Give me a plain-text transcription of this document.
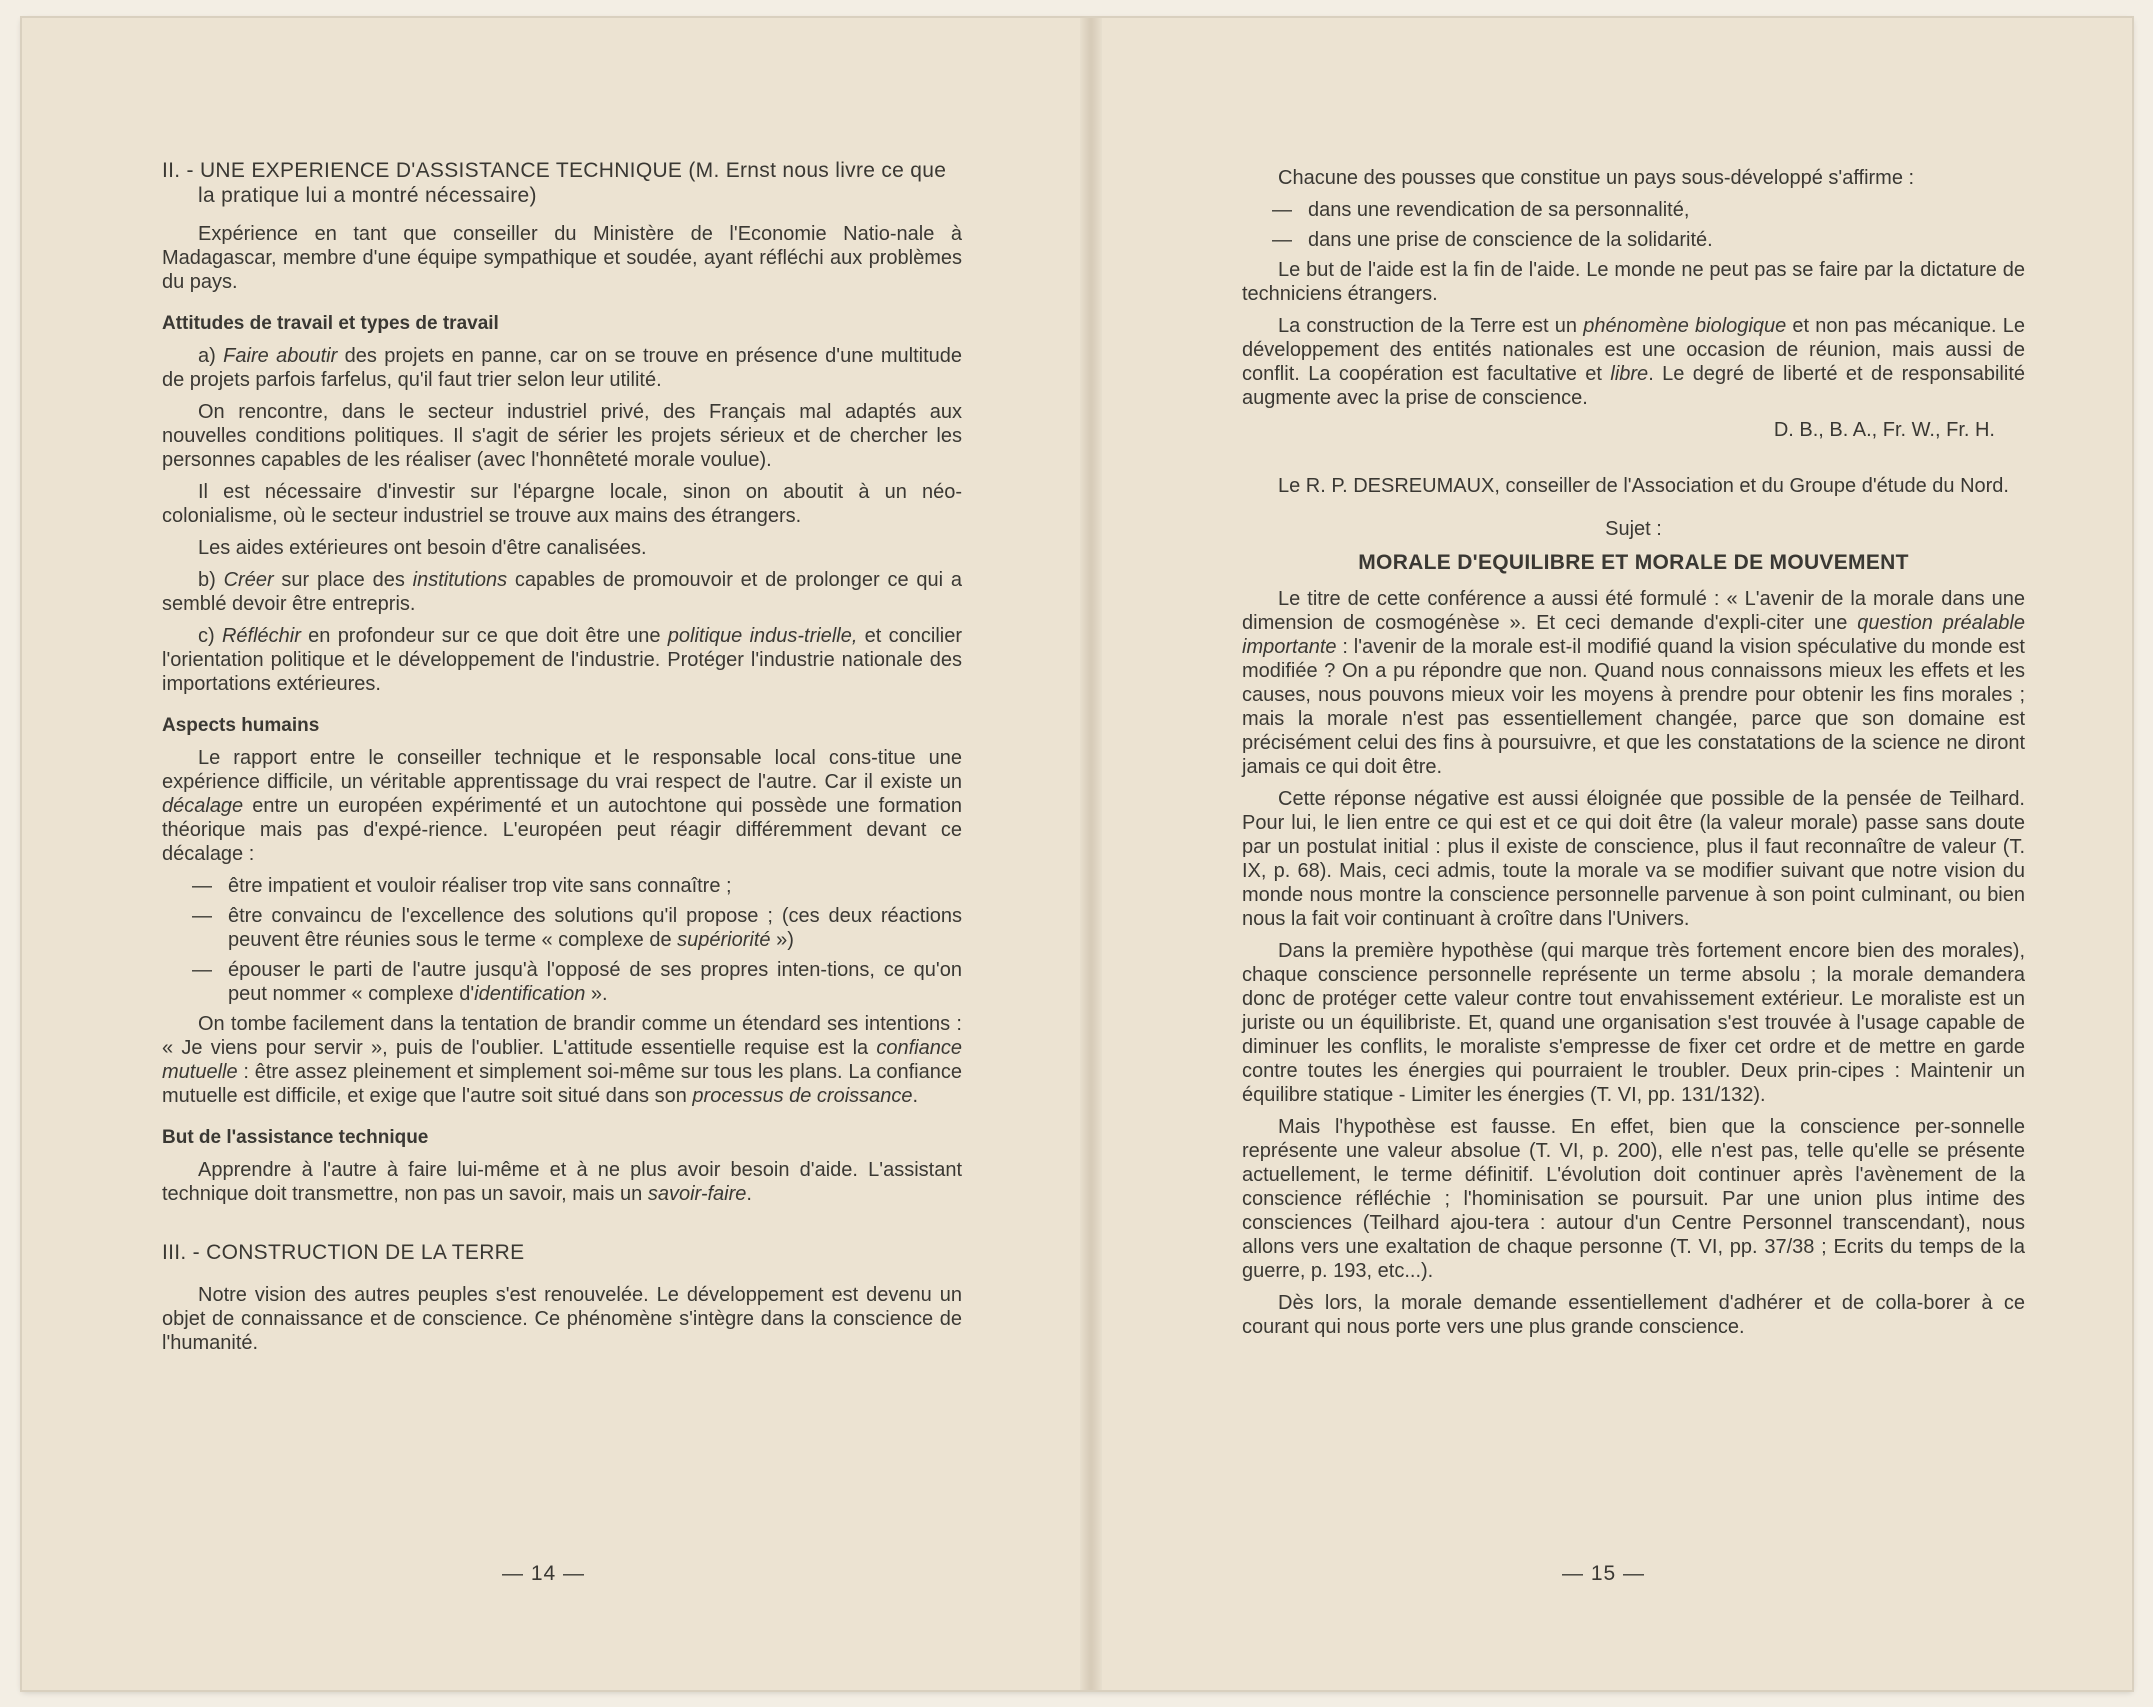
II. - UNE EXPERIENCE D'ASSISTANCE TECHNIQUE (M. Ernst nous livre ce que la pratique lui a montré nécessaire)

Expérience en tant que conseiller du Ministère de l'Economie Natio-nale à Madagascar, membre d'une équipe sympathique et soudée, ayant réfléchi aux problèmes du pays.

Attitudes de travail et types de travail

a) Faire aboutir des projets en panne, car on se trouve en présence d'une multitude de projets parfois farfelus, qu'il faut trier selon leur utilité.

On rencontre, dans le secteur industriel privé, des Français mal adaptés aux nouvelles conditions politiques. Il s'agit de sérier les projets sérieux et de chercher les personnes capables de les réaliser (avec l'honnêteté morale voulue).

Il est nécessaire d'investir sur l'épargne locale, sinon on aboutit à un néo-colonialisme, où le secteur industriel se trouve aux mains des étrangers.

Les aides extérieures ont besoin d'être canalisées.

b) Créer sur place des institutions capables de promouvoir et de prolonger ce qui a semblé devoir être entrepris.

c) Réfléchir en profondeur sur ce que doit être une politique indus-trielle, et concilier l'orientation politique et le développement de l'industrie. Protéger l'industrie nationale des importations extérieures.

Aspects humains

Le rapport entre le conseiller technique et le responsable local cons-titue une expérience difficile, un véritable apprentissage du vrai respect de l'autre. Car il existe un décalage entre un européen expérimenté et un autochtone qui possède une formation théorique mais pas d'expé-rience. L'européen peut réagir différemment devant ce décalage :

— être impatient et vouloir réaliser trop vite sans connaître ;
— être convaincu de l'excellence des solutions qu'il propose ; (ces deux réactions peuvent être réunies sous le terme « complexe de supériorité »)
— épouser le parti de l'autre jusqu'à l'opposé de ses propres inten-tions, ce qu'on peut nommer « complexe d'identification ».

On tombe facilement dans la tentation de brandir comme un étendard ses intentions : « Je viens pour servir », puis de l'oublier. L'attitude essentielle requise est la confiance mutuelle : être assez pleinement et simplement soi-même sur tous les plans. La confiance mutuelle est difficile, et exige que l'autre soit situé dans son processus de croissance.

But de l'assistance technique

Apprendre à l'autre à faire lui-même et à ne plus avoir besoin d'aide. L'assistant technique doit transmettre, non pas un savoir, mais un savoir-faire.

III. - CONSTRUCTION DE LA TERRE

Notre vision des autres peuples s'est renouvelée. Le développement est devenu un objet de connaissance et de conscience. Ce phénomène s'intègre dans la conscience de l'humanité.

— 14 —

Chacune des pousses que constitue un pays sous-développé s'affirme :

— dans une revendication de sa personnalité,
— dans une prise de conscience de la solidarité.

Le but de l'aide est la fin de l'aide. Le monde ne peut pas se faire par la dictature de techniciens étrangers.

La construction de la Terre est un phénomène biologique et non pas mécanique. Le développement des entités nationales est une occasion de réunion, mais aussi de conflit. La coopération est facultative et libre. Le degré de liberté et de responsabilité augmente avec la prise de conscience.

D. B., B. A., Fr. W., Fr. H.
Le R. P. DESREUMAUX, conseiller de l'Association et du Groupe d'étude du Nord.
Sujet :
MORALE D'EQUILIBRE ET MORALE DE MOUVEMENT

Le titre de cette conférence a aussi été formulé : « L'avenir de la morale dans une dimension de cosmogénèse ». Et ceci demande d'expli-citer une question préalable importante : l'avenir de la morale est-il modifié quand la vision spéculative du monde est modifiée ? On a pu répondre que non. Quand nous connaissons mieux les effets et les causes, nous pouvons mieux voir les moyens à prendre pour obtenir les fins morales ; mais la morale n'est pas essentiellement changée, parce que son domaine est précisément celui des fins à poursuivre, et que les constatations de la science ne diront jamais ce qui doit être.

Cette réponse négative est aussi éloignée que possible de la pensée de Teilhard. Pour lui, le lien entre ce qui est et ce qui doit être (la valeur morale) passe sans doute par un postulat initial : plus il existe de conscience, plus il faut reconnaître de valeur (T. IX, p. 68). Mais, ceci admis, toute la morale va se modifier suivant que notre vision du monde nous montre la conscience personnelle parvenue à son point culminant, ou bien nous la fait voir continuant à croître dans l'Univers.

Dans la première hypothèse (qui marque très fortement encore bien des morales), chaque conscience personnelle représente un terme absolu ; la morale demandera donc de protéger cette valeur contre tout envahissement extérieur. Le moraliste est un juriste ou un équilibriste. Et, quand une organisation s'est trouvée à l'usage capable de diminuer les conflits, le moraliste s'empresse de fixer cet ordre et de mettre en garde contre toutes les énergies qui pourraient le troubler. Deux prin-cipes : Maintenir un équilibre statique - Limiter les énergies (T. VI, pp. 131/132).

Mais l'hypothèse est fausse. En effet, bien que la conscience per-sonnelle représente une valeur absolue (T. VI, p. 200), elle n'est pas, telle qu'elle se présente actuellement, le terme définitif. L'évolution doit continuer après l'avènement de la conscience réfléchie ; l'hominisation se poursuit. Par une union plus intime des consciences (Teilhard ajou-tera : autour d'un Centre Personnel transcendant), nous allons vers une exaltation de chaque personne (T. VI, pp. 37/38 ; Ecrits du temps de la guerre, p. 193, etc...).

Dès lors, la morale demande essentiellement d'adhérer et de colla-borer à ce courant qui nous porte vers une plus grande conscience.

— 15 —
